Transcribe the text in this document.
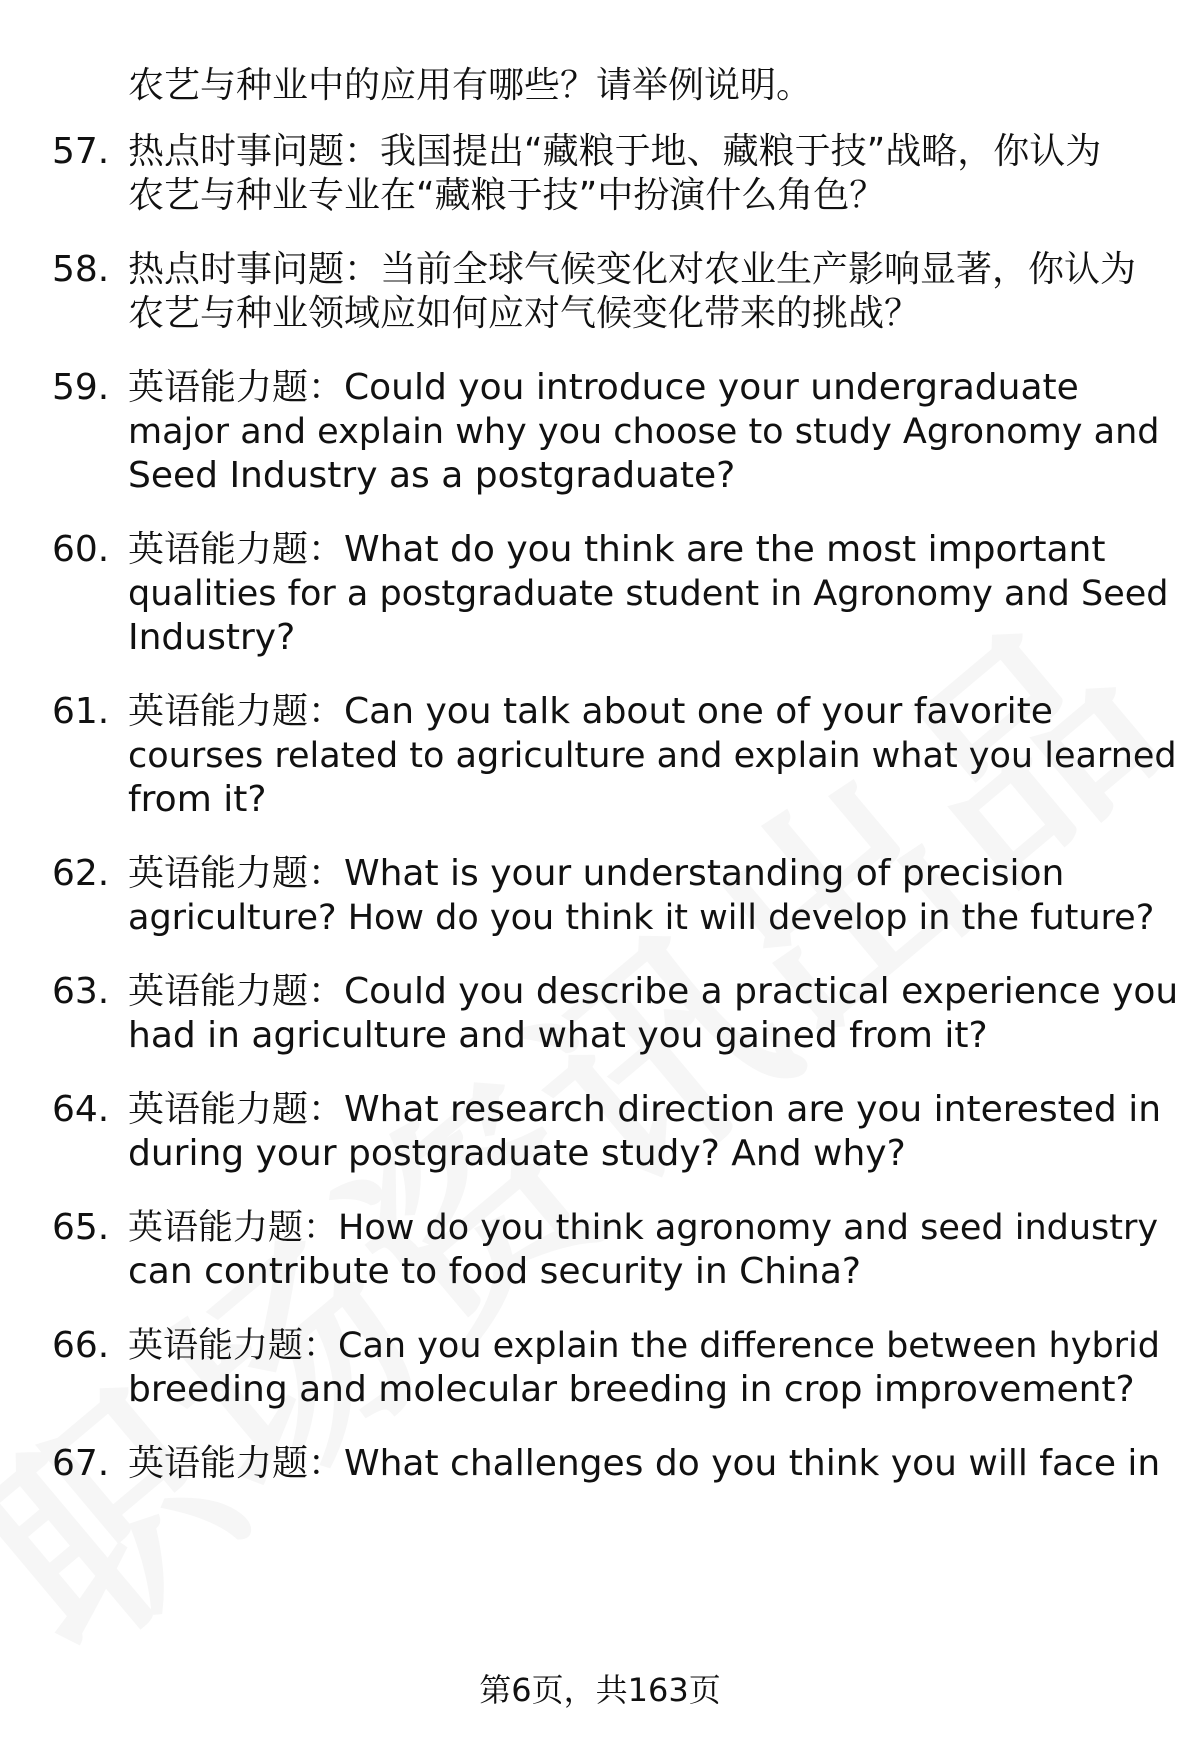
农艺与种业中的应用有哪些？请举例说明。
57. 热点时事问题：我国提出“藏粮于地、藏粮于技”战略，你认为
农艺与种业专业在“藏粮于技”中扮演什么角色？
58. 热点时事问题：当前全球气候变化对农业生产影响显著，你认为
农艺与种业领域应如何应对气候变化带来的挑战？
59. 英语能力题：Could you introduce your undergraduate
major and explain why you choose to study Agronomy and
Seed Industry as a postgraduate?
60. 英语能力题：What do you think are the most important
qualities for a postgraduate student in Agronomy and Seed
Industry?
61. 英语能力题：Can you talk about one of your favorite
courses related to agriculture and explain what you learned
from it?
62. 英语能力题：What is your understanding of precision
agriculture? How do you think it will develop in the future?
63. 英语能力题：Could you describe a practical experience you
had in agriculture and what you gained from it?
64. 英语能力题：What research direction are you interested in
during your postgraduate study? And why?
65. 英语能力题：How do you think agronomy and seed industry
can contribute to food security in China?
66. 英语能力题：Can you explain the difference between hybrid
breeding and molecular breeding in crop improvement?
67. 英语能力题：What challenges do you think you will face in
第6页，共163页
